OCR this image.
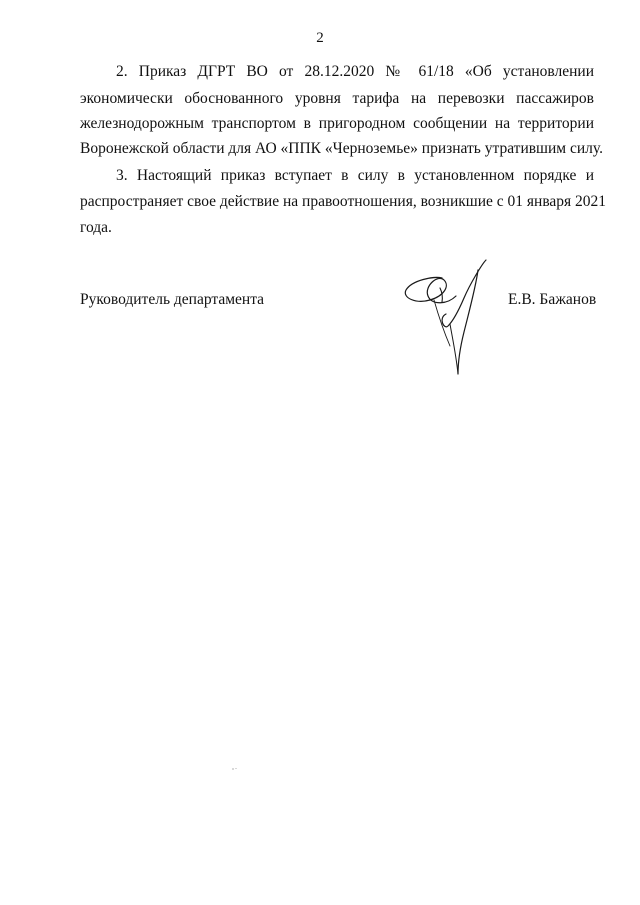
2
2. Приказ ДГРТ ВО от 28.12.2020 № 61/18 «Об установлении
экономически обоснованного уровня тарифа на перевозки пассажиров
железнодорожным транспортом в пригородном сообщении на территории
Воронежской области для АО «ППК «Черноземье» признать утратившим силу.
3. Настоящий приказ вступает в силу в установленном порядке и
распространяет свое действие на правоотношения, возникшие с 01 января 2021
года.
Руководитель департамента	Е.В. Бажанов
